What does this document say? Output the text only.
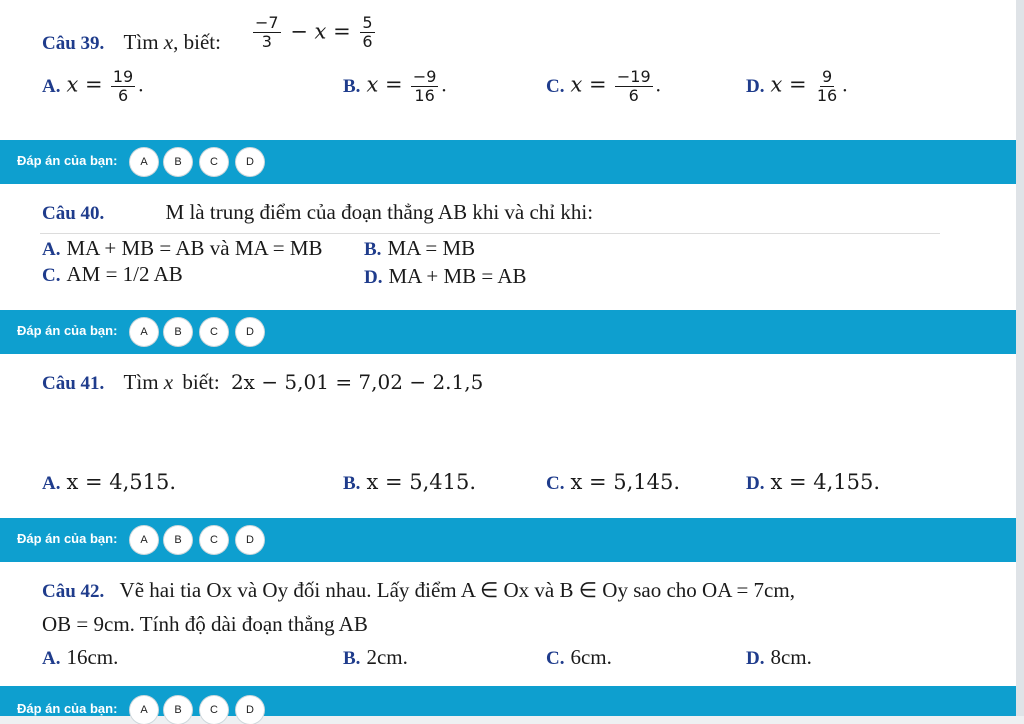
Câu 39. Tìm x, biết: $\frac{-7}{3} - x = \frac{5}{6}$
A. $x = \frac{19}{6}$ .	B. $x = \frac{-9}{16}$ .	C. $x = \frac{-19}{6}$ .	D. $x = \frac{9}{16}$ .
Đáp án của bạn:	A	B	C	D
Câu 40.	M là trung điểm của đoạn thẳng AB khi và chỉ khi:
A. MA + MB = AB và MA = MB B. MA = MB
C. AM = 1/2 AB	D. MA + MB = AB
Đáp án của bạn:	A	B	C	D
Câu 41. Tìm x biết: 2x − 5,01 = 7,02 − 2.1,5
A. x = 4,515.	B. x = 5,415.	C. x = 5,145.	D. x = 4,155.
Đáp án của bạn:	A	B	C	D
Câu 42. Vẽ hai tia Ox và Oy đối nhau. Lấy điểm A ∈ Ox và B ∈ Oy sao cho OA = 7cm,
OB = 9cm. Tính độ dài đoạn thẳng AB
A. 16cm.	B. 2cm.	C. 6cm.	D. 8cm.
Đáp án của bạn:	A	B	C	D
